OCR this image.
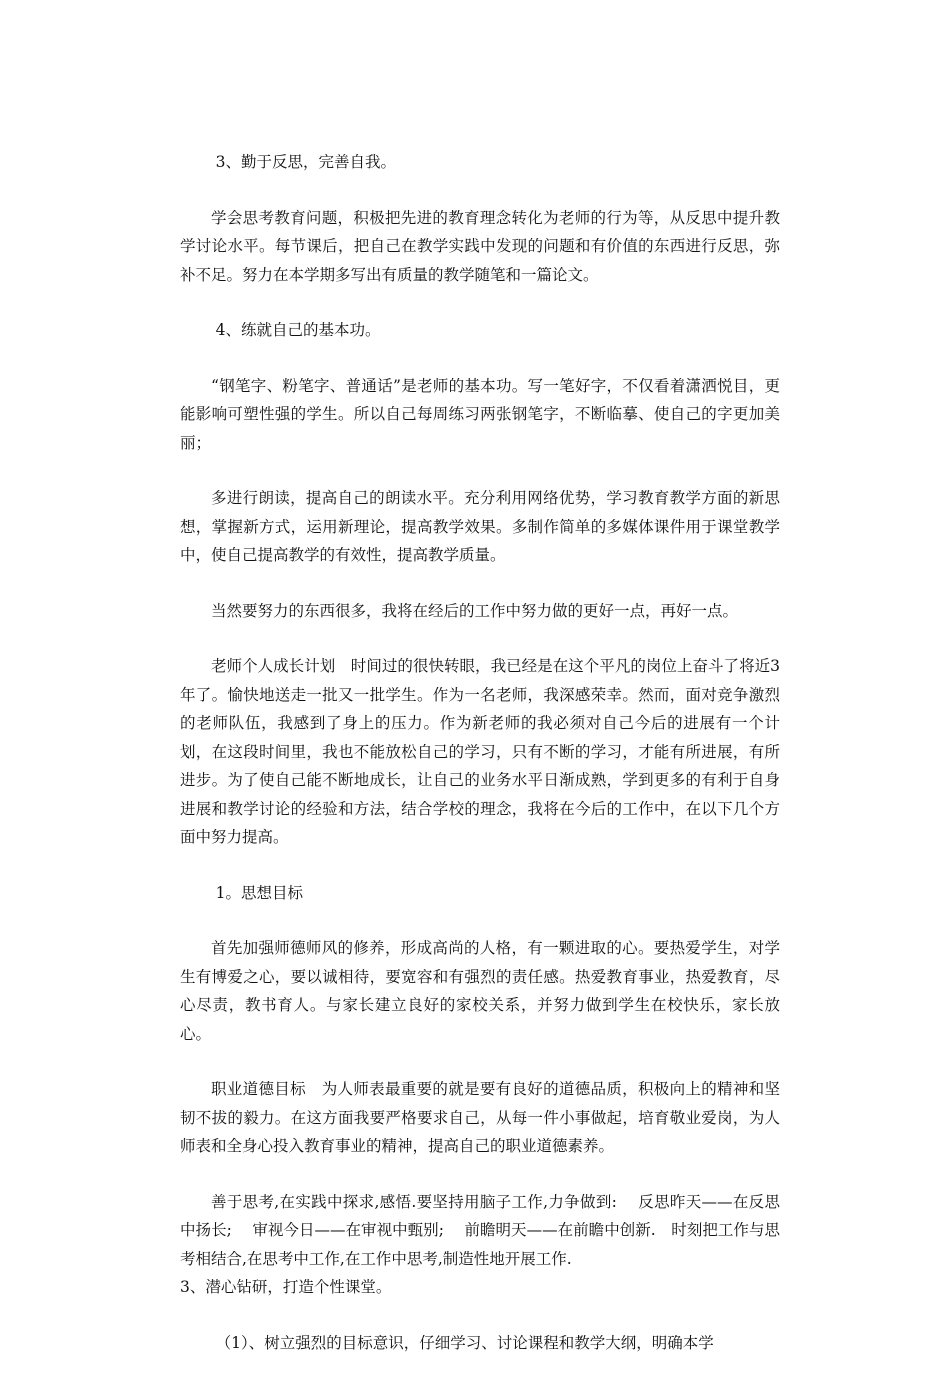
3、勤于反思，完善自我。

学会思考教育问题，积极把先进的教育理念转化为老师的行为等，从反思中提升教学讨论水平。每节课后，把自己在教学实践中发现的问题和有价值的东西进行反思，弥补不足。努力在本学期多写出有质量的教学随笔和一篇论文。

4、练就自己的基本功。

“钢笔字、粉笔字、普通话”是老师的基本功。写一笔好字，不仅看着潇洒悦目，更能影响可塑性强的学生。所以自己每周练习两张钢笔字，不断临摹、使自己的字更加美丽；

多进行朗读，提高自己的朗读水平。充分利用网络优势，学习教育教学方面的新思想，掌握新方式，运用新理论，提高教学效果。多制作简单的多媒体课件用于课堂教学中，使自己提高教学的有效性，提高教学质量。

当然要努力的东西很多，我将在经后的工作中努力做的更好一点，再好一点。

老师个人成长计划　时间过的很快转眼，我已经是在这个平凡的岗位上奋斗了将近3 年了。愉快地送走一批又一批学生。作为一名老师，我深感荣幸。然而，面对竞争激烈的老师队伍，我感到了身上的压力。作为新老师的我必须对自己今后的进展有一个计划，在这段时间里，我也不能放松自己的学习，只有不断的学习，才能有所进展，有所进步。为了使自己能不断地成长，让自己的业务水平日渐成熟，学到更多的有利于自身进展和教学讨论的经验和方法，结合学校的理念，我将在今后的工作中，在以下几个方面中努力提高。

1。思想目标

首先加强师德师风的修养，形成高尚的人格，有一颗进取的心。要热爱学生，对学生有博爱之心，要以诚相待，要宽容和有强烈的责任感。热爱教育事业，热爱教育，尽心尽责，教书育人。与家长建立良好的家校关系，并努力做到学生在校快乐，家长放心。

职业道德目标　为人师表最重要的就是要有良好的道德品质，积极向上的精神和坚韧不拔的毅力。在这方面我要严格要求自己，从每一件小事做起，培育敬业爱岗，为人师表和全身心投入教育事业的精神，提高自己的职业道德素养。

善于思考,在实践中探求,感悟.要坚持用脑子工作,力争做到:　 反思昨天——在反思中扬长;　 审视今日——在审视中甄别;　 前瞻明天——在前瞻中创新.　时刻把工作与思考相结合,在思考中工作,在工作中思考,制造性地开展工作.

3、潜心钻研，打造个性课堂。

（1）、树立强烈的目标意识，仔细学习、讨论课程和教学大纲，明确本学
